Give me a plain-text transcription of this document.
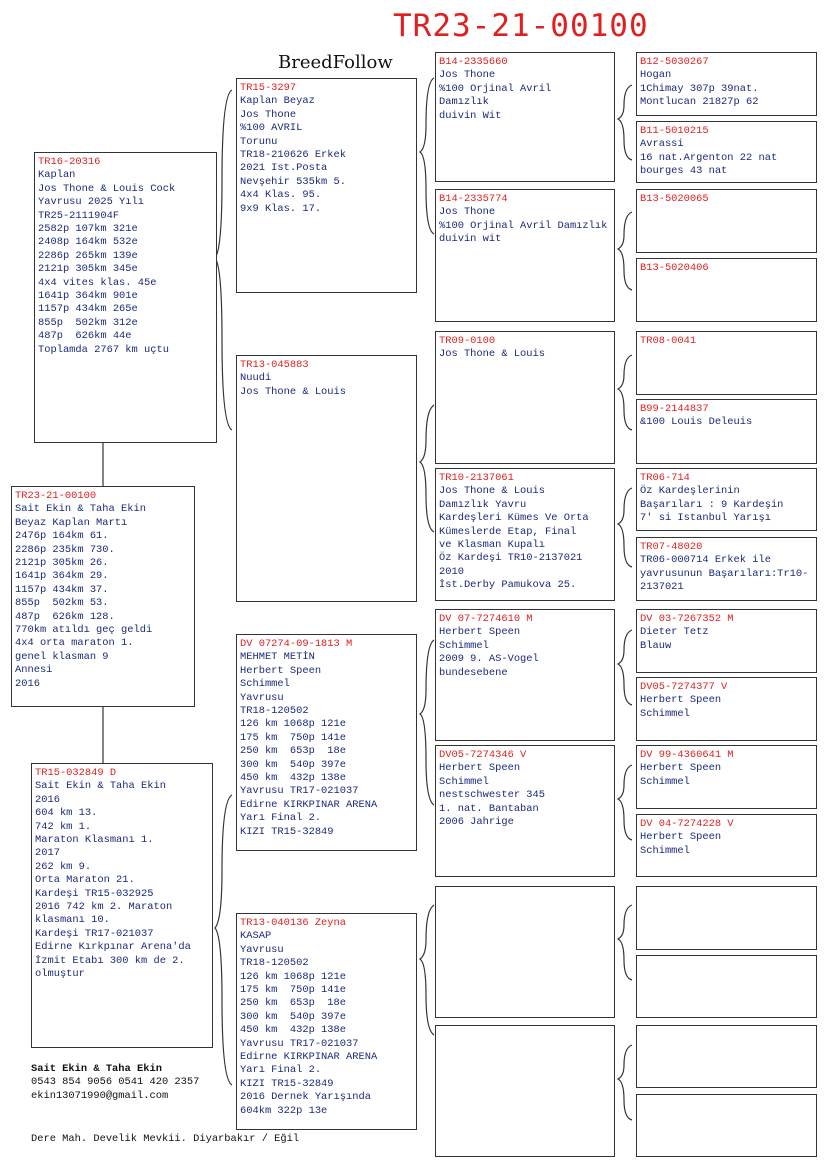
TR23-21-00100
BreedFollow
TR23-21-00100
Sait Ekin & Taha Ekin
Beyaz Kaplan Martı
2476p 164km 61.
2286p 235km 730.
2121p 305km 26.
1641p 364km 29.
1157p 434km 37.
855p  502km 53.
487p  626km 128.
770km atıldı geç geldi
4x4 orta maraton 1.
genel klasman 9
Annesi
2016
TR16-20316
Kaplan
Jos Thone & Louis Cock
Yavrusu 2025 Yılı
TR25-2111904F
2582p 107km 321e
2408p 164km 532e
2286p 265km 139e
2121p 305km 345e
4x4 vites klas. 45e
1641p 364km 901e
1157p 434km 265e
855p  502km 312e
487p  626km 44e
Toplamda 2767 km uçtu
TR15-032849 D
Sait Ekin & Taha Ekin
2016
604 km 13.
742 km 1.
Maraton Klasmanı 1.
2017
262 km 9.
Orta Maraton 21.
Kardeşi TR15-032925
2016 742 km 2. Maraton klasmanı 10.
Kardeşi TR17-021037
Edirne Kırkpınar Arena'da
İzmit Etabı 300 km de 2. olmuştur
TR15-3297
Kaplan Beyaz
Jos Thone
%100 AVRIL
Torunu
TR18-210626 Erkek
2021 Ist.Posta
Nevşehir 535km 5.
4x4 Klas. 95.
9x9 Klas. 17.
TR13-045883
Nuudi
Jos Thone & Louis
DV 07274-09-1813 M
MEHMET METİN
Herbert Speen
Schimmel
Yavrusu
TR18-120502
126 km 1068p 121e
175 km  750p 141e
250 km  653p  18e
300 km  540p 397e
450 km  432p 138e
Yavrusu TR17-021037
Edirne KIRKPINAR ARENA
Yarı Final 2.
KIZI TR15-32849
TR13-040136 Zeyna
KASAP
Yavrusu
TR18-120502
126 km 1068p 121e
175 km  750p 141e
250 km  653p  18e
300 km  540p 397e
450 km  432p 138e
Yavrusu TR17-021037
Edirne KIRKPINAR ARENA
Yarı Final 2.
KIZI TR15-32849
2016 Dernek Yarışında
604km 322p 13e
B14-2335660
Jos Thone
%100 Orjinal Avril
Damızlık
duivin Wit
B14-2335774
Jos Thone
%100 Orjinal Avril Damızlık
duivin wit
TR09-0100
Jos Thone & Louis
TR10-2137061
Jos Thone & Louis
Damızlık Yavru
Kardeşleri Kümes Ve Orta Kümeslerde Etap, Final
ve Klasman Kupalı
Öz Kardeşi TR10-2137021
2010
İst.Derby Pamukova 25.
DV 07-7274610 M
Herbert Speen
Schimmel
2009 9. AS-Vogel
bundesebene
DV05-7274346 V
Herbert Speen
Schimmel
nestschwester 345
1. nat. Bantaban
2006 Jahrige
B12-5030267
Hogan
1Chimay 307p 39nat.
Montlucan 21827p 62
B11-5010215
Avrassi
16 nat.Argenton 22 nat
bourges 43 nat
B13-5020065
B13-5020406
TR08-0041
B99-2144837
&100 Louis Deleuis
TR06-714
Öz Kardeşlerinin
Başarıları : 9 Kardeşin
7' si Istanbul Yarışı
TR07-48020
TR06-000714 Erkek ile yavrusunun Başarıları:Tr10-2137021
DV 03-7267352 M
Dieter Tetz
Blauw
DV05-7274377 V
Herbert Speen
Schimmel
DV 99-4360641 M
Herbert Speen
Schimmel
DV 04-7274228 V
Herbert Speen
Schimmel
Sait Ekin & Taha Ekin
0543 854 9056 0541 420 2357
ekin13071990@gmail.com
Dere Mah. Develik Mevkii. Diyarbakır / Eğil
